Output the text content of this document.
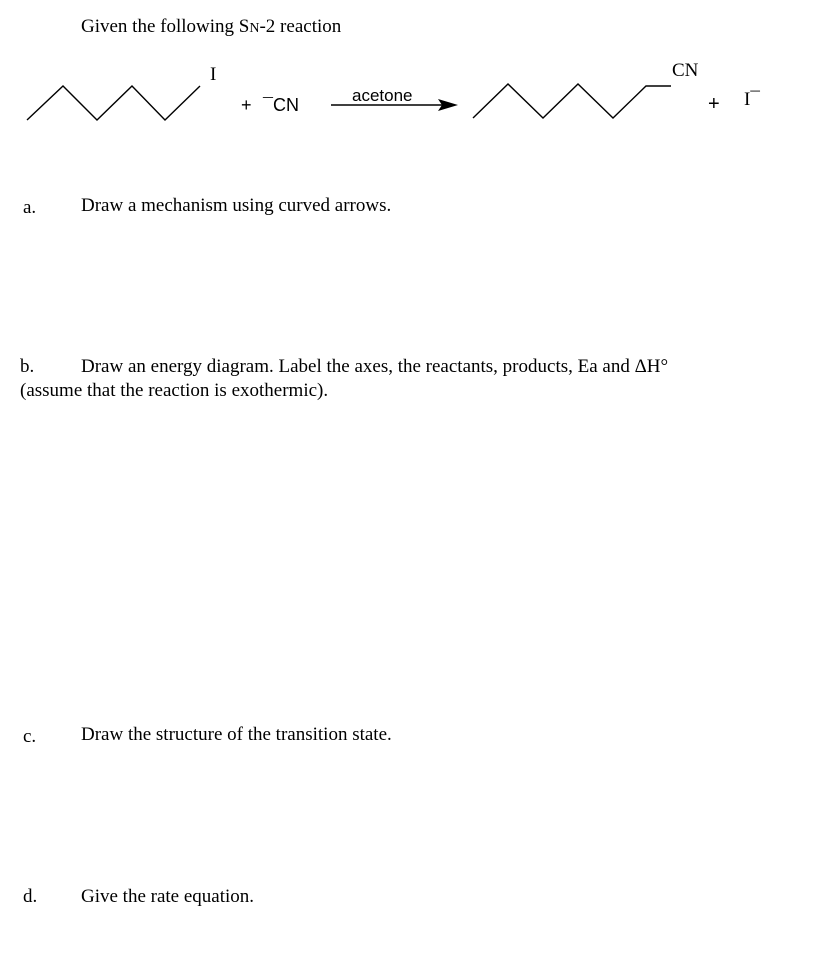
Given the following SN-2 reaction
I
+ ¯CN	acetone
CN
+ I¯
a. Draw a mechanism using curved arrows.
b. Draw an energy diagram. Label the axes, the reactants, products, Ea and ΔH°
(assume that the reaction is exothermic).
c. Draw the structure of the transition state.
d. Give the rate equation.
